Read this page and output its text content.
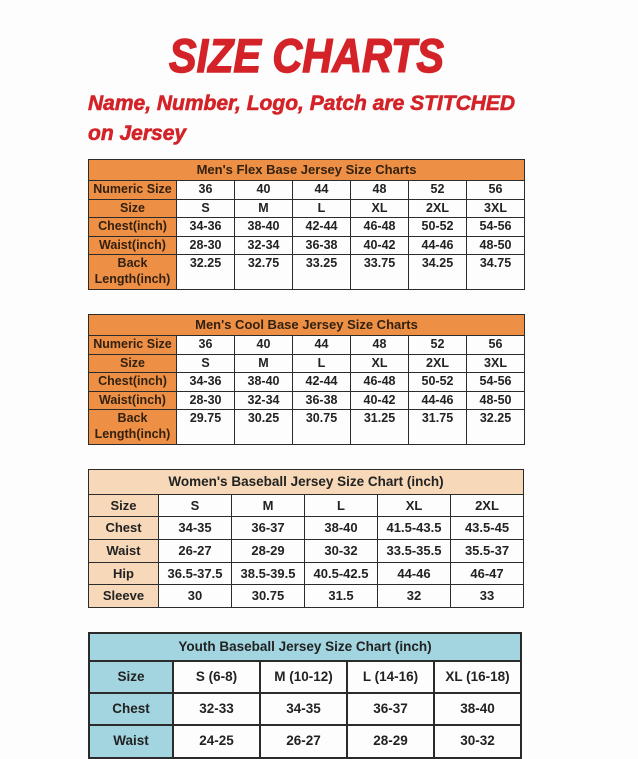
SIZE CHARTS
Name, Number, Logo, Patch are STITCHED
on Jersey
Men's Flex Base Jersey Size Charts						
Numeric Size	36	40	44	48	52	56
Size	S	M	L	XL	2XL	3XL
Chest(inch)	34-36	38-40	42-44	46-48	50-52	54-56
Waist(inch)	28-30	32-34	36-38	40-42	44-46	48-50
Back Length(inch)	32.25	32.75	33.25	33.75	34.25	34.75
Men's Cool Base Jersey Size Charts						
Numeric Size	36	40	44	48	52	56
Size	S	M	L	XL	2XL	3XL
Chest(inch)	34-36	38-40	42-44	46-48	50-52	54-56
Waist(inch)	28-30	32-34	36-38	40-42	44-46	48-50
Back Length(inch)	29.75	30.25	30.75	31.25	31.75	32.25
Women's Baseball Jersey Size Chart (inch)					
Size	S	M	L	XL	2XL
Chest	34-35	36-37	38-40	41.5-43.5	43.5-45
Waist	26-27	28-29	30-32	33.5-35.5	35.5-37
Hip	36.5-37.5	38.5-39.5	40.5-42.5	44-46	46-47
Sleeve	30	30.75	31.5	32	33
Youth Baseball Jersey Size Chart (inch)				
Size	S (6-8)	M (10-12)	L (14-16)	XL (16-18)
Chest	32-33	34-35	36-37	38-40
Waist	24-25	26-27	28-29	30-32
